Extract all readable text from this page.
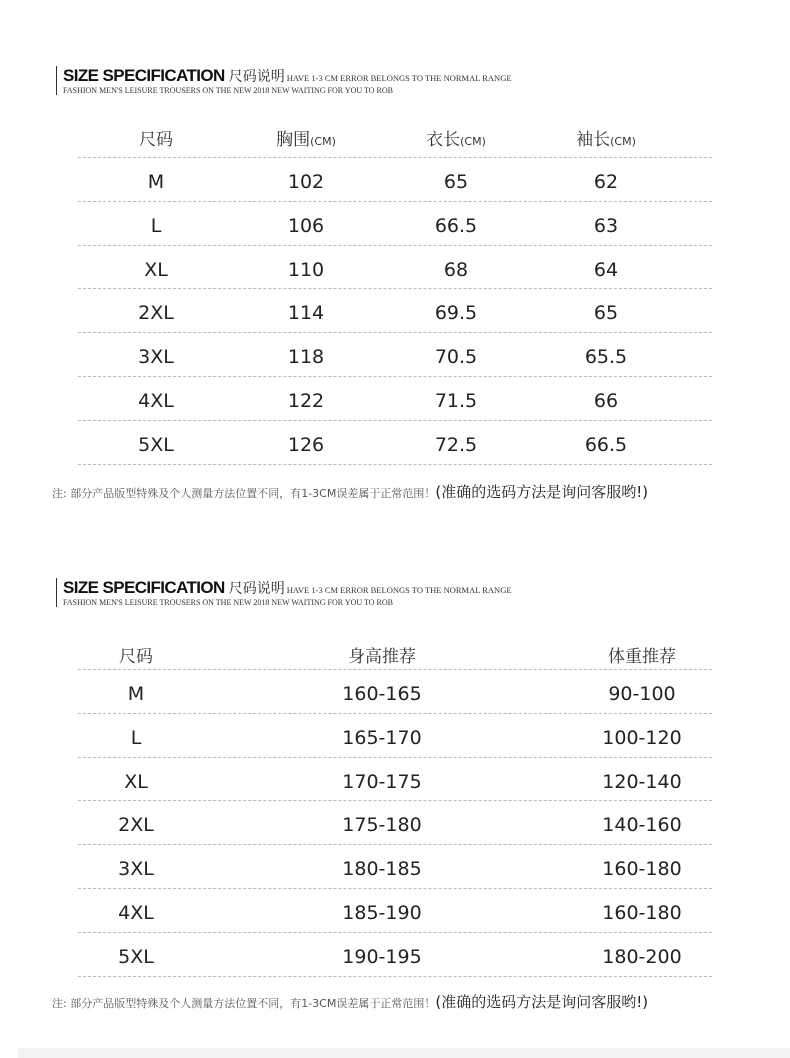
SIZE SPECIFICATION 尺码说明 HAVE 1-3 CM ERROR BELONGS TO THE NORMAL RANGE
FASHION MEN'S LEISURE TROUSERS ON THE NEW 2018 NEW WAITING FOR YOU TO ROB
尺码	胸围(CM)	衣长(CM)	袖长(CM)
M	102	65	62
L	106	66.5	63
XL	110	68	64
2XL	114	69.5	65
3XL	118	70.5	65.5
4XL	122	71.5	66
5XL	126	72.5	66.5
注: 部分产品版型特殊及个人测量方法位置不同，有1-3CM误差属于正常范围！(准确的选码方法是询问客服哟!)
SIZE SPECIFICATION 尺码说明 HAVE 1-3 CM ERROR BELONGS TO THE NORMAL RANGE
FASHION MEN'S LEISURE TROUSERS ON THE NEW 2018 NEW WAITING FOR YOU TO ROB
尺码	身高推荐	体重推荐
M	160-165	90-100
L	165-170	100-120
XL	170-175	120-140
2XL	175-180	140-160
3XL	180-185	160-180
4XL	185-190	160-180
5XL	190-195	180-200
注: 部分产品版型特殊及个人测量方法位置不同，有1-3CM误差属于正常范围！(准确的选码方法是询问客服哟!)
